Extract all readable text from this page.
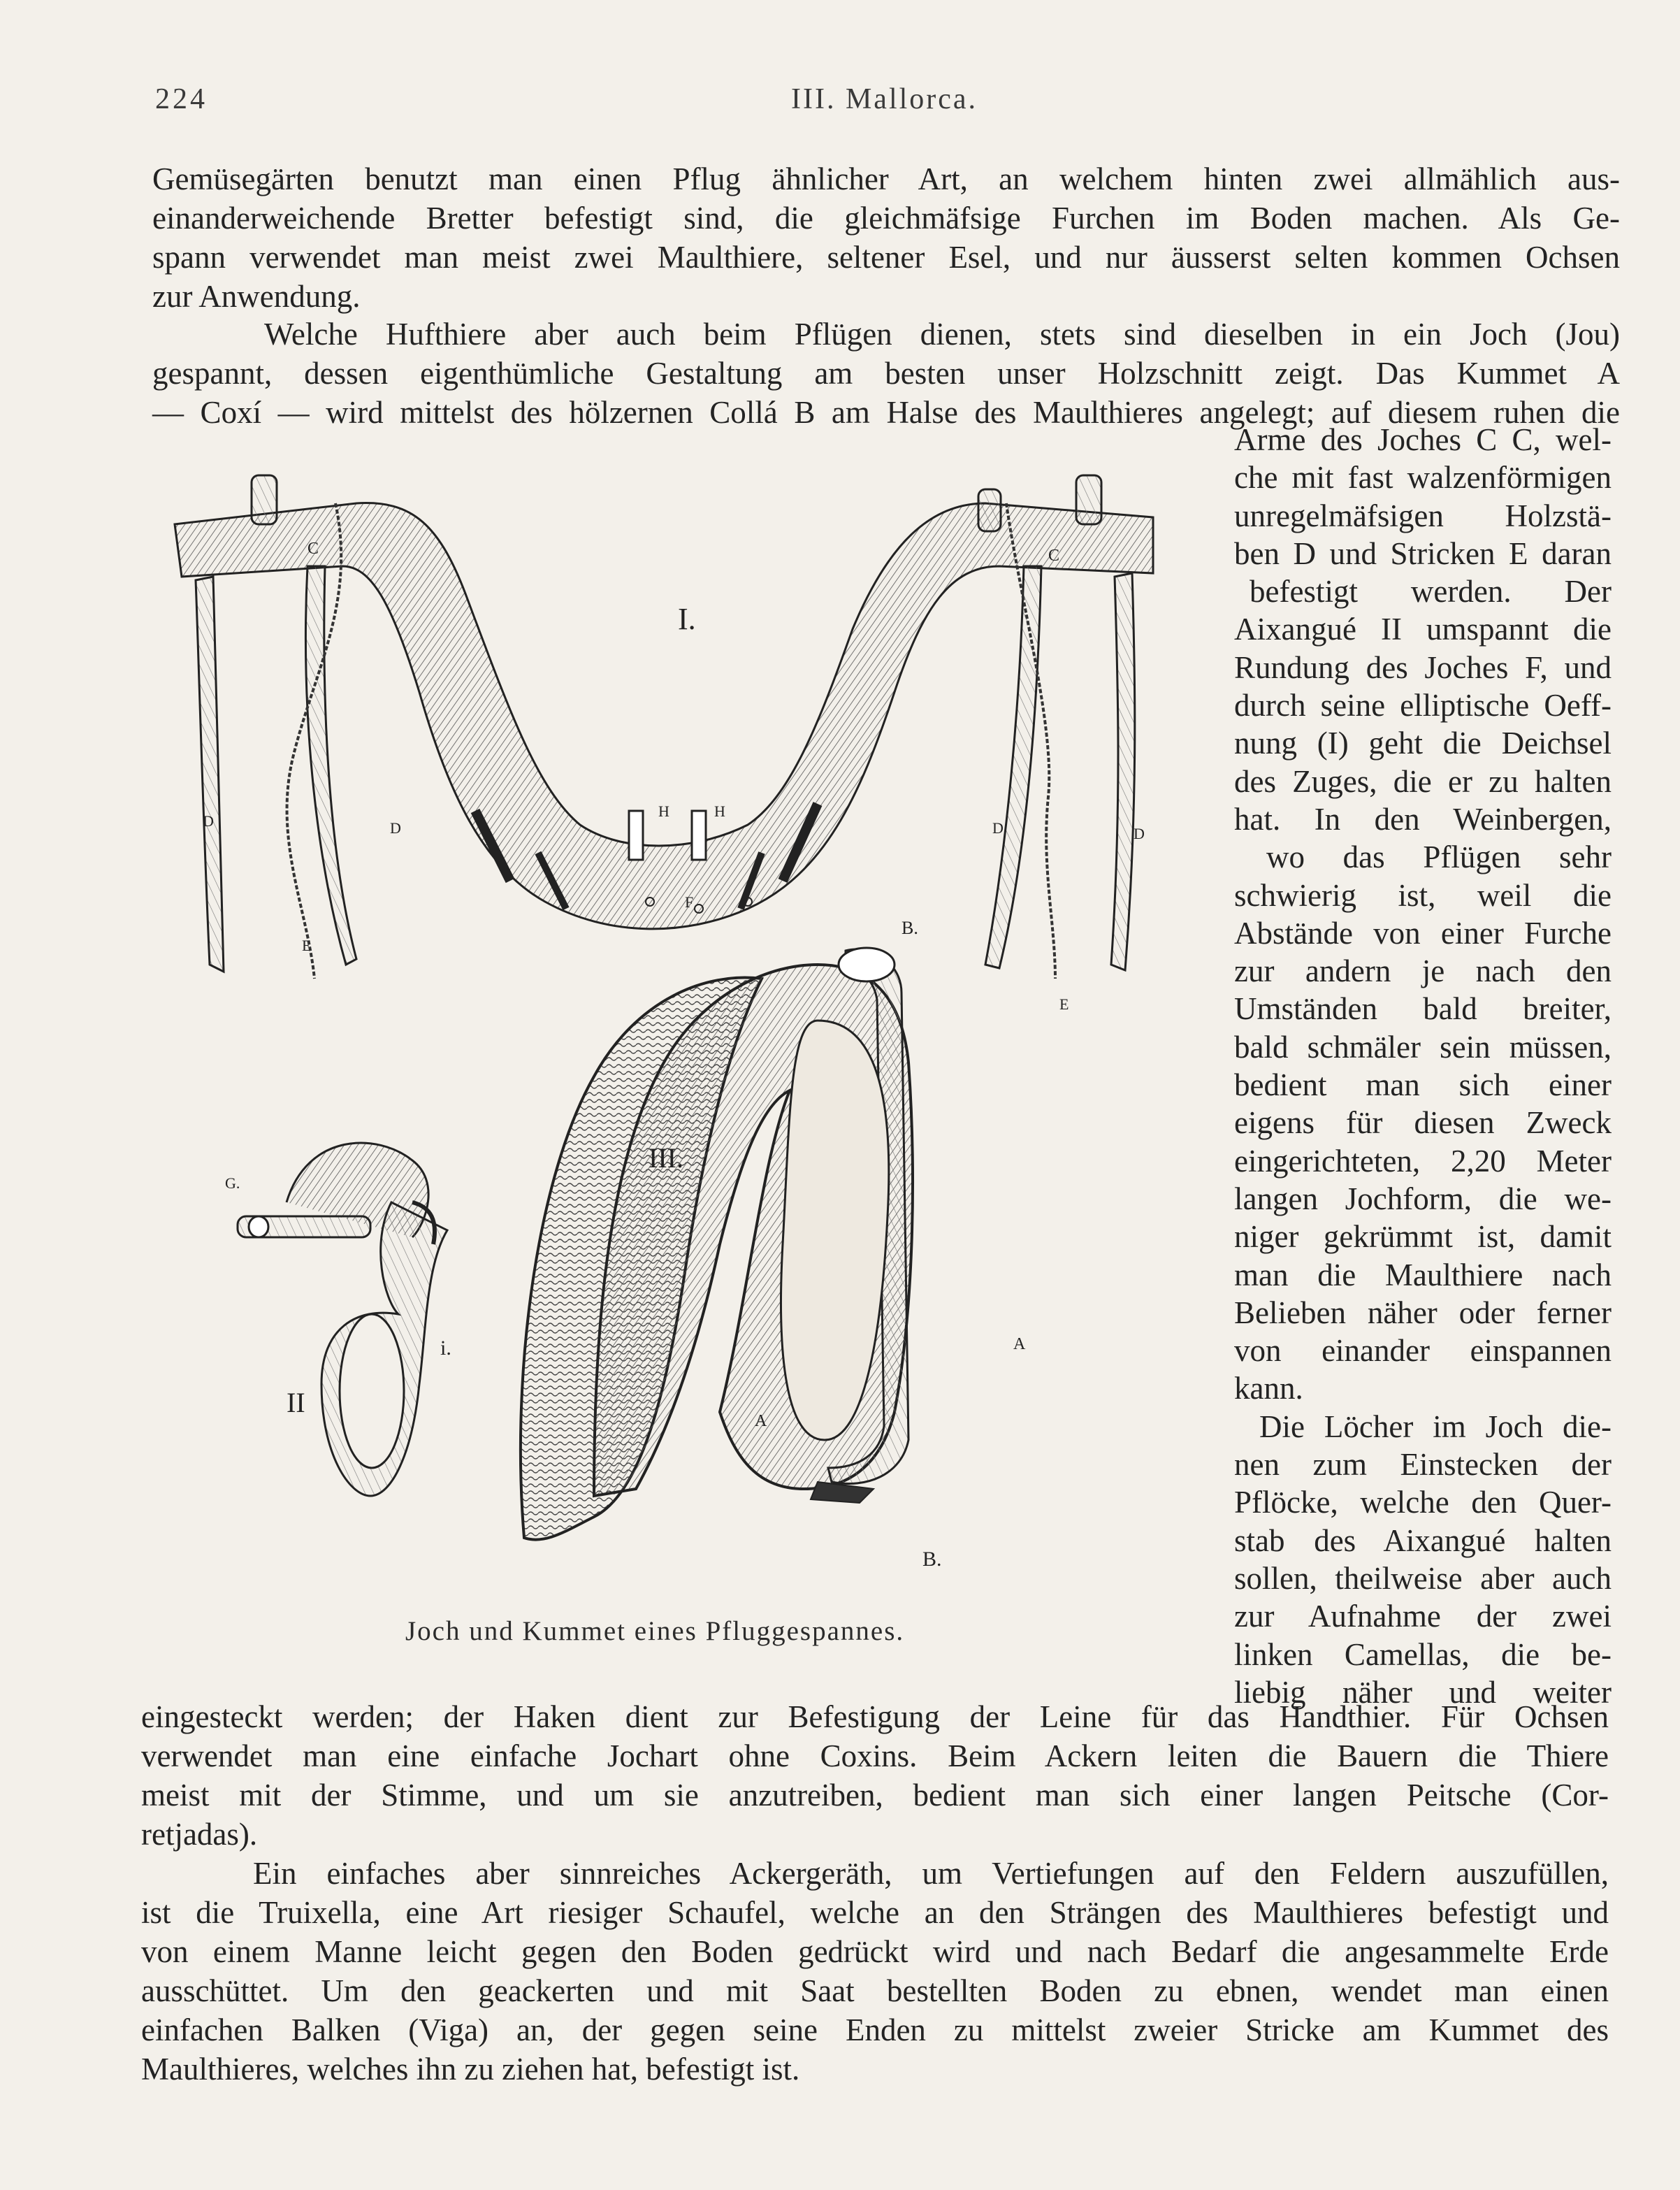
224	III. Mallorca.
Gemüsegärten benutzt man einen Pflug ähnlicher Art, an welchem hinten zwei allmählich aus-
einanderweichende Bretter befestigt sind, die gleichmäfsige Furchen im Boden machen. Als Ge-
spann verwendet man meist zwei Maulthiere, seltener Esel, und nur äusserst selten kommen Ochsen
zur Anwendung.
Welche Hufthiere aber auch beim Pflügen dienen, stets sind dieselben in ein Joch (Jou)
gespannt, dessen eigenthümliche Gestaltung am besten unser Holzschnitt zeigt. Das Kummet A
— Coxí — wird mittelst des hölzernen Collá B am Halse des Maulthieres angelegt; auf diesem ruhen die
Arme des Joches C C, wel-
che mit fast walzenförmigen
unregelmäfsigen Holzstä-
ben D und Stricken E daran
befestigt werden. Der
Aixangué II umspannt die
Rundung des Joches F, und
durch seine elliptische Oeff-
nung (I) geht die Deichsel
des Zuges, die er zu halten
hat. In den Weinbergen,
wo das Pflügen sehr
schwierig ist, weil die
Abstände von einer Furche
zur andern je nach den
Umständen bald breiter,
bald schmäler sein müssen,
bedient man sich einer
eigens für diesen Zweck
eingerichteten, 2,20 Meter
langen Jochform, die we-
niger gekrümmt ist, damit
man die Maulthiere nach
Belieben näher oder ferner
von einander einspannen
kann.
Die Löcher im Joch die-
nen zum Einstecken der
Pflöcke, welche den Quer-
stab des Aixangué halten
sollen, theilweise aber auch
zur Aufnahme der zwei
linken Camellas, die be-
liebig näher und weiter
I.
C	C
D	D	D	D
E
E
H	H
F
G.
i.
II
III.
B.
B.
A
A
Joch und Kummet eines Pfluggespannes.
eingesteckt werden; der Haken dient zur Befestigung der Leine für das Handthier. Für Ochsen
verwendet man eine einfache Jochart ohne Coxins. Beim Ackern leiten die Bauern die Thiere
meist mit der Stimme, und um sie anzutreiben, bedient man sich einer langen Peitsche (Cor-
retjadas).
Ein einfaches aber sinnreiches Ackergeräth, um Vertiefungen auf den Feldern auszufüllen,
ist die Truixella, eine Art riesiger Schaufel, welche an den Strängen des Maulthieres befestigt und
von einem Manne leicht gegen den Boden gedrückt wird und nach Bedarf die angesammelte Erde
ausschüttet. Um den geackerten und mit Saat bestellten Boden zu ebnen, wendet man einen
einfachen Balken (Viga) an, der gegen seine Enden zu mittelst zweier Stricke am Kummet des
Maulthieres, welches ihn zu ziehen hat, befestigt ist.
